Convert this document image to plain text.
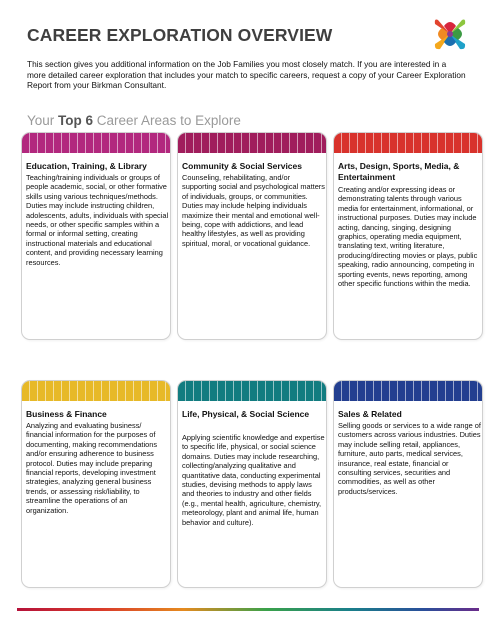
CAREER EXPLORATION OVERVIEW

This section gives you additional information on the Job Families you most closely match. If you are interested in a more detailed career exploration that includes your match to specific careers, request a copy of your Career Exploration Report from your Birkman Consultant.

Your Top 6 Career Areas to Explore
Education, Training, & Library
Teaching/training individuals or groups of people academic, social, or other formative skills using various techniques/methods. Duties may include instructing children, adolescents, adults, individuals with special needs, or other specific samples within a formal or informal setting, creating instructional materials and educational content, and providing necessary learning resources.
Community & Social Services
Counseling, rehabilitating, and/or supporting social and psychological matters of individuals, groups, or communities. Duties may include helping individuals maximize their mental and emotional well-being, cope with addictions, and lead healthy lifestyles, as well as providing spiritual, moral, or vocational guidance.
Arts, Design, Sports, Media, & Entertainment
Creating and/or expressing ideas or demonstrating talents through various media for entertainment, informational, or instructional purposes. Duties may include acting, dancing, singing, designing graphics, operating media equipment, translating text, writing literature, producing/directing movies or plays, public speaking, radio announcing, competing in sporting events, news reporting, among other specific functions within the media.
Business & Finance
Analyzing and evaluating business/ financial information for the purposes of documenting, making recommendations and/or ensuring adherence to business protocol. Duties may include preparing financial reports, developing investment strategies, analyzing general business trends, or assessing risk/liability, to streamline the operations of an organization.
Life, Physical, & Social Science
Applying scientific knowledge and expertise to specific life, physical, or social science domains. Duties may include researching, collecting/analyzing qualitative and quantitative data, conducting experimental studies, devising methods to apply laws and theories to industry and other fields (e.g., mental health, agriculture, chemistry, meteorology, plant and animal life, human behavior and culture).
Sales & Related
Selling goods or services to a wide range of customers across various industries. Duties may include selling retail, appliances, furniture, auto parts, medical services, insurance, real estate, financial or consulting services, securities and commodities, as well as other products/services.
